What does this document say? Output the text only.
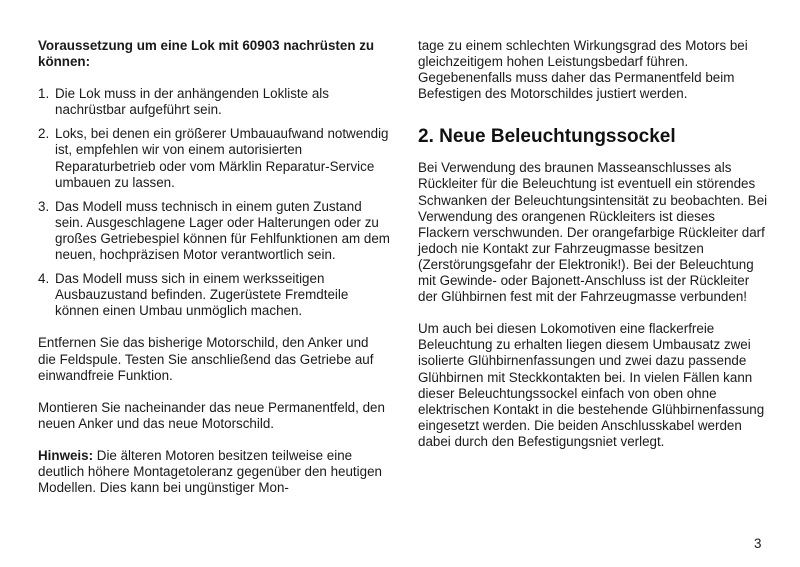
Voraussetzung um eine Lok mit 60903 nachrüsten zu können:

1. Die Lok muss in der anhängenden Lokliste als nachrüstbar aufgeführt sein.
2. Loks, bei denen ein größerer Umbauaufwand notwendig ist, empfehlen wir von einem autorisierten Reparaturbetrieb oder vom Märklin Reparatur-Service umbauen zu lassen.
3. Das Modell muss technisch in einem guten Zustand sein. Ausgeschlagene Lager oder Halterungen oder zu großes Getriebespiel können für Fehlfunktionen am dem neuen, hochpräzisen Motor verantwortlich sein.
4. Das Modell muss sich in einem werksseitigen Ausbauzustand befinden. Zugerüstete Fremdteile können einen Umbau unmöglich machen.

Entfernen Sie das bisherige Motorschild, den Anker und die Feldspule. Testen Sie anschließend das Getriebe auf einwandfreie Funktion.

Montieren Sie nacheinander das neue Permanentfeld, den neuen Anker und das neue Motorschild.

Hinweis: Die älteren Motoren besitzen teilweise eine deutlich höhere Montagetoleranz gegenüber den heutigen Modellen. Dies kann bei ungünstiger Mon-

tage zu einem schlechten Wirkungsgrad des Motors bei gleichzeitigem hohen Leistungsbedarf führen. Gegebenenfalls muss daher das Permanentfeld beim Befestigen des Motorschildes justiert werden.

2. Neue Beleuchtungssockel

Bei Verwendung des braunen Masseanschlusses als Rückleiter für die Beleuchtung ist eventuell ein störendes Schwanken der Beleuchtungsintensität zu beobachten. Bei Verwendung des orangenen Rückleiters ist dieses Flackern verschwunden. Der orangefarbige Rückleiter darf jedoch nie Kontakt zur Fahrzeugmasse besitzen (Zerstörungsgefahr der Elektronik!). Bei der Beleuchtung mit Gewinde- oder Bajonett-Anschluss ist der Rückleiter der Glühbirnen fest mit der Fahrzeugmasse verbunden!

Um auch bei diesen Lokomotiven eine flackerfreie Beleuchtung zu erhalten liegen diesem Umbausatz zwei isolierte Glühbirnenfassungen und zwei dazu passende Glühbirnen mit Steckkontakten bei. In vielen Fällen kann dieser Beleuchtungssockel einfach von oben ohne elektrischen Kontakt in die bestehende Glühbirnenfassung eingesetzt werden. Die beiden Anschlusskabel werden dabei durch den Befestigungsniet verlegt.

3
